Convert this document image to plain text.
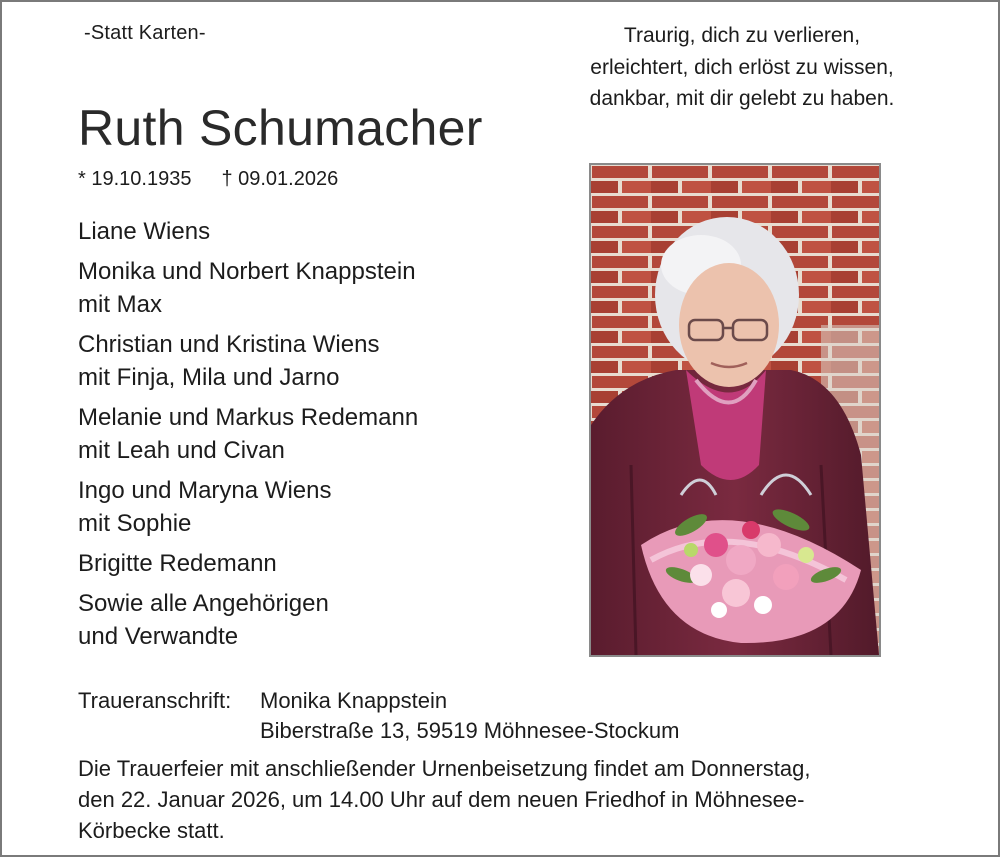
-Statt Karten-	Traurig, dich zu verlieren,
erleichtert, dich erlöst zu wissen,
dankbar, mit dir gelebt zu haben.
Ruth Schumacher
* 19.10.1935 † 09.01.2026
Liane Wiens
Monika und Norbert Knappstein
mit Max
Christian und Kristina Wiens
mit Finja, Mila und Jarno
Melanie und Markus Redemann
mit Leah und Civan
Ingo und Maryna Wiens
mit Sophie
Brigitte Redemann
Sowie alle Angehörigen
und Verwandte
Traueranschrift:	Monika Knappstein
Biberstraße 13, 59519 Möhnesee-Stockum
Die Trauerfeier mit anschließender Urnenbeisetzung findet am Donnerstag,
den 22. Januar 2026, um 14.00 Uhr auf dem neuen Friedhof in Möhnesee-
Körbecke statt.
